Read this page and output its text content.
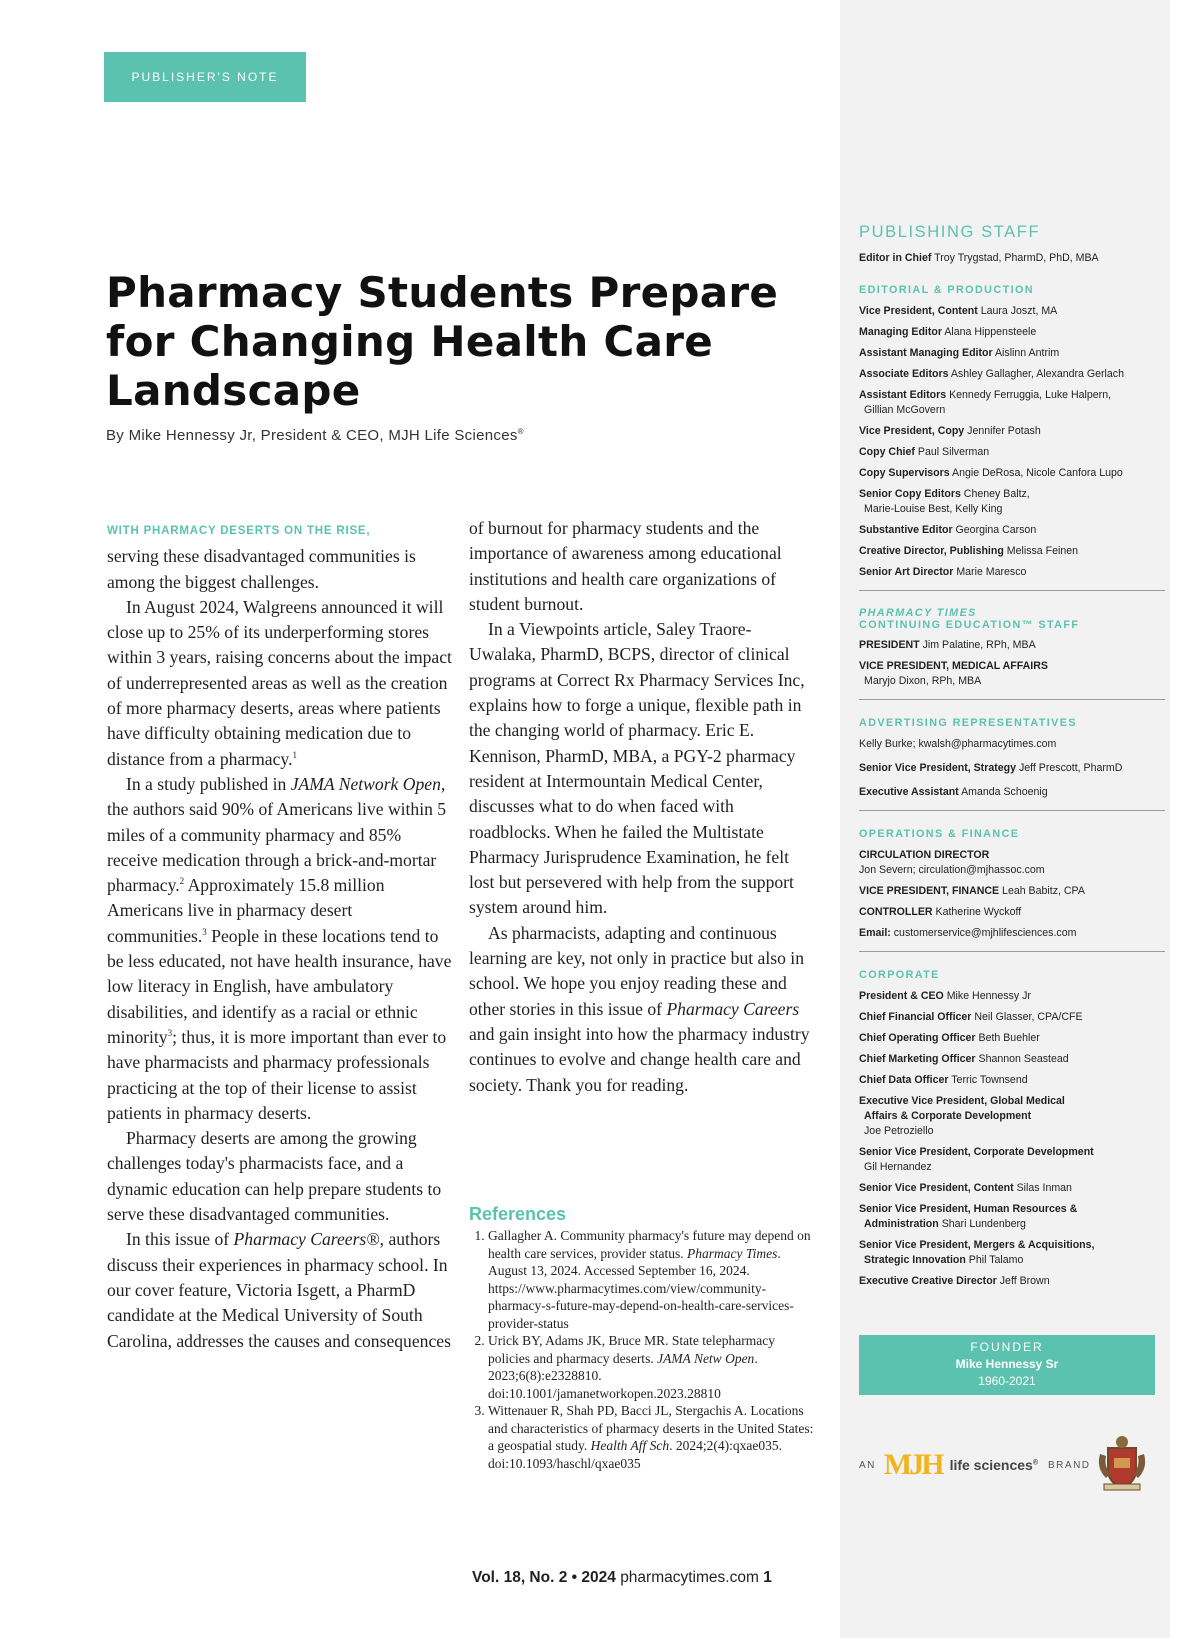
PUBLISHER'S NOTE
Pharmacy Students Prepare for Changing Health Care Landscape
By Mike Hennessy Jr, President & CEO, MJH Life Sciences®

WITH PHARMACY DESERTS ON THE RISE,
serving these disadvantaged communities is among the biggest challenges.

In August 2024, Walgreens announced it will close up to 25% of its underperforming stores within 3 years, raising concerns about the impact of underrepresented areas as well as the creation of more pharmacy deserts, areas where patients have difficulty obtaining medication due to distance from a pharmacy.$^1$

In a study published in JAMA Network Open, the authors said 90% of Americans live within 5 miles of a community pharmacy and 85% receive medication through a brick-and-mortar pharmacy.$^2$ Approximately 15.8 million Americans live in pharmacy desert communities.$^3$ People in these locations tend to be less educated, not have health insurance, have low literacy in English, have ambulatory disabilities, and identify as a racial or ethnic minority$^3$; thus, it is more important than ever to have pharmacists and pharmacy professionals practicing at the top of their license to assist patients in pharmacy deserts.

Pharmacy deserts are among the growing challenges today's pharmacists face, and a dynamic education can help prepare students to serve these disadvantaged communities.

In this issue of Pharmacy Careers®, authors discuss their experiences in pharmacy school. In our cover feature, Victoria Isgett, a PharmD candidate at the Medical University of South Carolina, addresses the causes and consequences

of burnout for pharmacy students and the importance of awareness among educational institutions and health care organizations of student burnout.

In a Viewpoints article, Saley Traore-Uwalaka, PharmD, BCPS, director of clinical programs at Correct Rx Pharmacy Services Inc, explains how to forge a unique, flexible path in the changing world of pharmacy. Eric E. Kennison, PharmD, MBA, a PGY-2 pharmacy resident at Intermountain Medical Center, discusses what to do when faced with roadblocks. When he failed the Multistate Pharmacy Jurisprudence Examination, he felt lost but persevered with help from the support system around him.

As pharmacists, adapting and continuous learning are key, not only in practice but also in school. We hope you enjoy reading these and other stories in this issue of Pharmacy Careers and gain insight into how the pharmacy industry continues to evolve and change health care and society. Thank you for reading.

References
1. Gallagher A. Community pharmacy's future may depend on health care services, provider status. Pharmacy Times. August 13, 2024. Accessed September 16, 2024. https://www.pharmacytimes.com/view/community-pharmacy-s-future-may-depend-on-health-care-services-provider-status
2. Urick BY, Adams JK, Bruce MR. State telepharmacy policies and pharmacy deserts. JAMA Netw Open. 2023;6(8):e2328810. doi:10.1001/jamanetworkopen.2023.28810
3. Wittenauer R, Shah PD, Bacci JL, Stergachis A. Locations and characteristics of pharmacy deserts in the United States: a geospatial study. Health Aff Sch. 2024;2(4):qxae035. doi:10.1093/haschl/qxae035
Vol. 18, No. 2 • 2024 pharmacytimes.com 1
PUBLISHING STAFF
Editor in Chief Troy Trygstad, PharmD, PhD, MBA
EDITORIAL & PRODUCTION
Vice President, Content Laura Joszt, MA
Managing Editor Alana Hippensteele
Assistant Managing Editor Aislinn Antrim
Associate Editors Ashley Gallagher, Alexandra Gerlach
Assistant Editors Kennedy Ferruggia, Luke Halpern,
Gillian McGovern
Vice President, Copy Jennifer Potash
Copy Chief Paul Silverman
Copy Supervisors Angie DeRosa, Nicole Canfora Lupo
Senior Copy Editors Cheney Baltz,
Marie-Louise Best, Kelly King
Substantive Editor Georgina Carson
Creative Director, Publishing Melissa Feinen
Senior Art Director Marie Maresco
PHARMACY TIMES
CONTINUING EDUCATION™ STAFF
PRESIDENT Jim Palatine, RPh, MBA
VICE PRESIDENT, MEDICAL AFFAIRS
Maryjo Dixon, RPh, MBA
ADVERTISING REPRESENTATIVES
Kelly Burke; kwalsh@pharmacytimes.com
Senior Vice President, Strategy Jeff Prescott, PharmD
Executive Assistant Amanda Schoenig
OPERATIONS & FINANCE
CIRCULATION DIRECTOR
Jon Severn; circulation@mjhassoc.com
VICE PRESIDENT, FINANCE Leah Babitz, CPA
CONTROLLER Katherine Wyckoff
Email: customerservice@mjhlifesciences.com
CORPORATE
President & CEO Mike Hennessy Jr
Chief Financial Officer Neil Glasser, CPA/CFE
Chief Operating Officer Beth Buehler
Chief Marketing Officer Shannon Seastead
Chief Data Officer Terric Townsend
Executive Vice President, Global Medical
Affairs & Corporate Development
Joe Petroziello
Senior Vice President, Corporate Development
Gil Hernandez
Senior Vice President, Content Silas Inman
Senior Vice President, Human Resources &
Administration Shari Lundenberg
Senior Vice President, Mergers & Acquisitions,
Strategic Innovation Phil Talamo
Executive Creative Director Jeff Brown
FOUNDER
Mike Hennessy Sr
1960-2021
AN MJH life sciences® BRAND
